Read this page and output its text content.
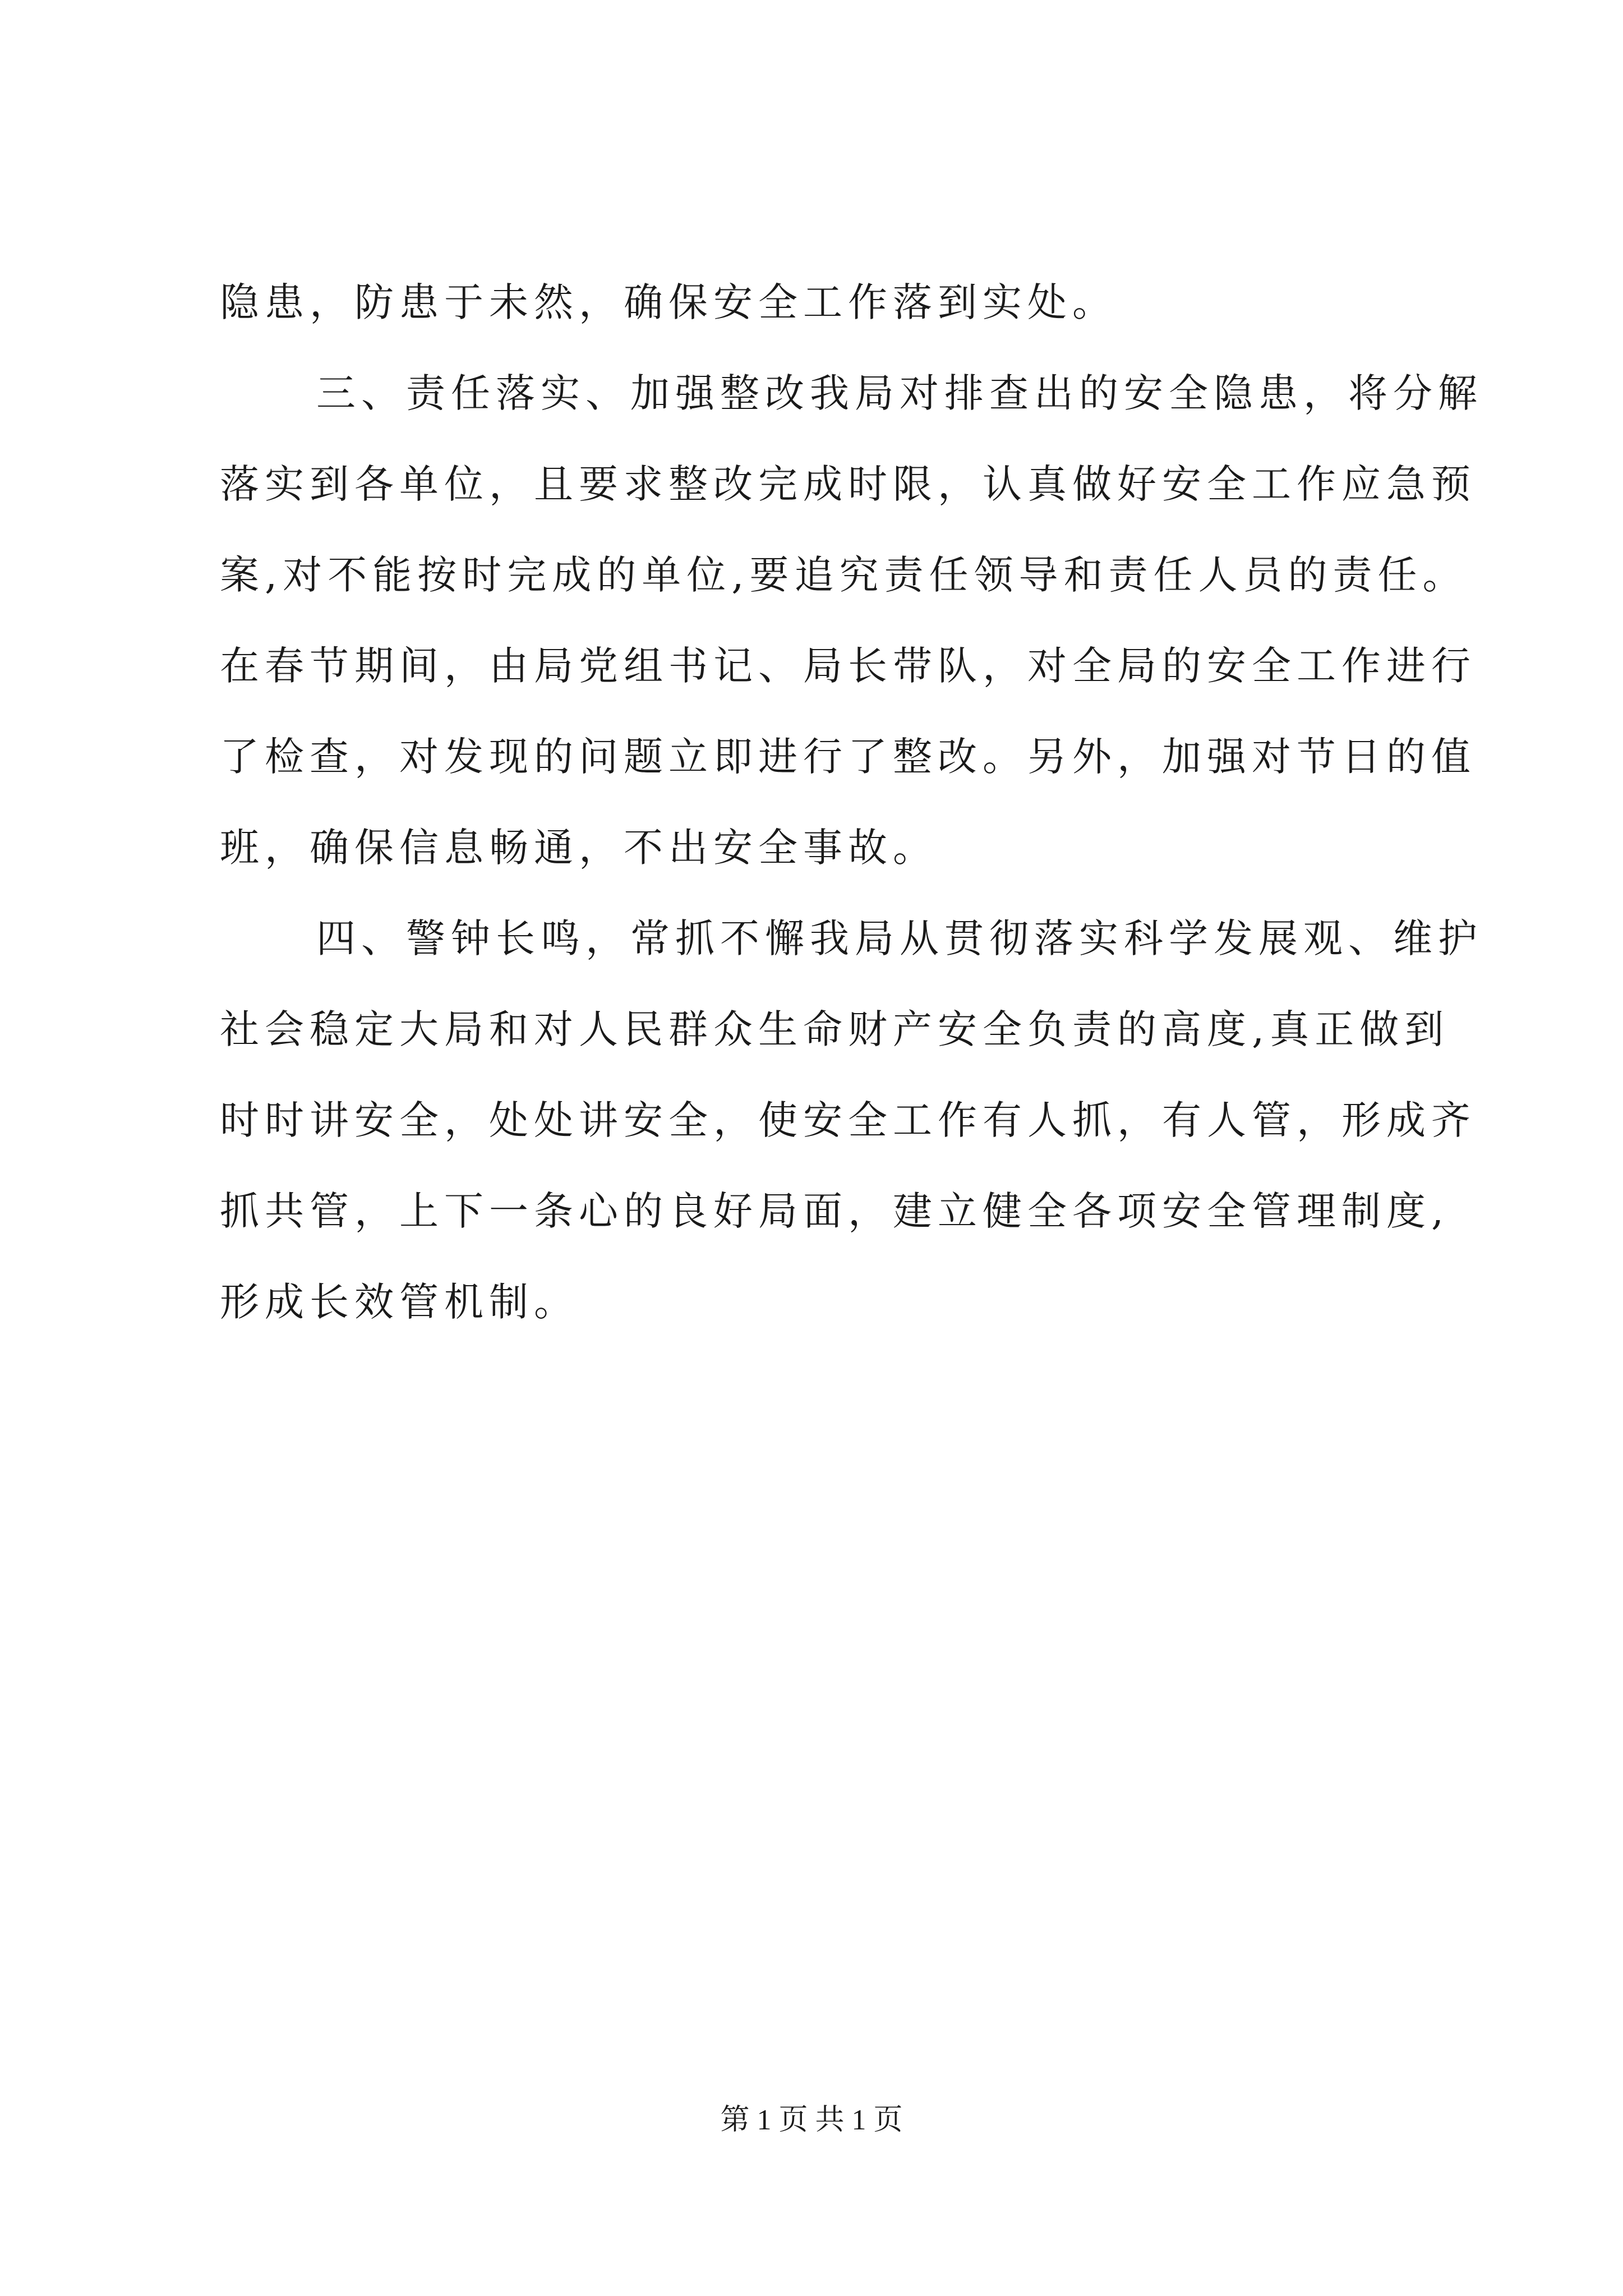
隐患，防患于未然，确保安全工作落到实处。
三、责任落实、加强整改我局对排查出的安全隐患，将分解
落实到各单位，且要求整改完成时限，认真做好安全工作应急预
案,对不能按时完成的单位,要追究责任领导和责任人员的责任。
在春节期间，由局党组书记、局长带队，对全局的安全工作进行
了检查，对发现的问题立即进行了整改。另外，加强对节日的值
班，确保信息畅通，不出安全事故。
四、警钟长鸣，常抓不懈我局从贯彻落实科学发展观、维护
社会稳定大局和对人民群众生命财产安全负责的高度,真正做到
时时讲安全，处处讲安全，使安全工作有人抓，有人管，形成齐
抓共管，上下一条心的良好局面，建立健全各项安全管理制度,
形成长效管机制。
第 1 页 共 1 页
